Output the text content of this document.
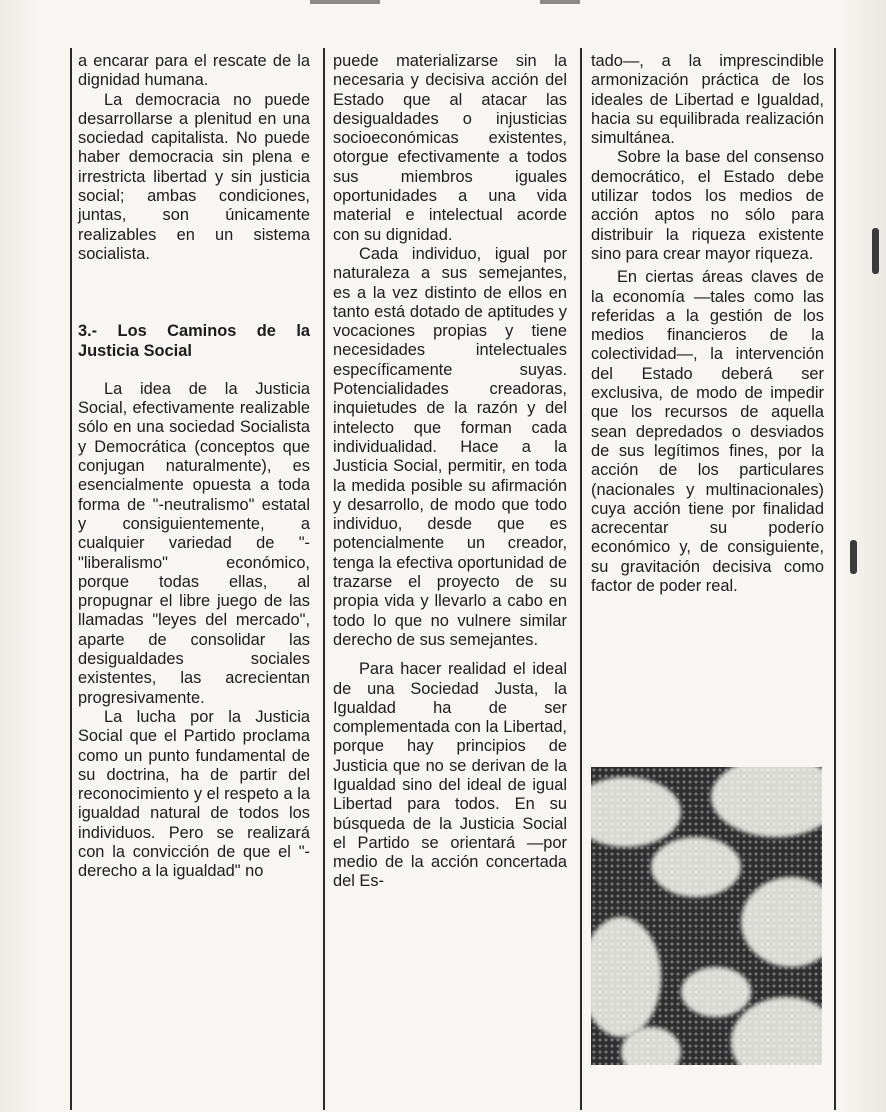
a encarar para el rescate de la dignidad humana.

La democracia no puede desarrollarse a plenitud en una sociedad capitalista. No puede haber democracia sin plena e irrestricta libertad y sin justicia social; ambas condiciones, juntas, son únicamente realizables en un sistema socialista.

3.- Los Caminos de la Justicia Social

La idea de la Justicia Social, efectivamente realizable sólo en una sociedad Socialista y Democrática (conceptos que conjugan naturalmente), es esencialmente opuesta a toda forma de "-neutralismo" estatal y consiguientemente, a cualquier variedad de "-"liberalismo" económico, porque todas ellas, al propugnar el libre juego de las llamadas "leyes del mercado", aparte de consolidar las desigualdades sociales existentes, las acrecientan progresivamente.

La lucha por la Justicia Social que el Partido proclama como un punto fundamental de su doctrina, ha de partir del reconocimiento y el respeto a la igualdad natural de todos los individuos. Pero se realizará con la convicción de que el "-derecho a la igualdad" no

puede materializarse sin la necesaria y decisiva acción del Estado que al atacar las desigualdades o injusticias socioeconómicas existentes, otorgue efectivamente a todos sus miembros iguales oportunidades a una vida material e intelectual acorde con su dignidad.

Cada individuo, igual por naturaleza a sus semejantes, es a la vez distinto de ellos en tanto está dotado de aptitudes y vocaciones propias y tiene necesidades intelectuales específicamente suyas. Potencialidades creadoras, inquietudes de la razón y del intelecto que forman cada individualidad. Hace a la Justicia Social, permitir, en toda la medida posible su afirmación y desarrollo, de modo que todo individuo, desde que es potencialmente un creador, tenga la efectiva oportunidad de trazarse el proyecto de su propia vida y llevarlo a cabo en todo lo que no vulnere similar derecho de sus semejantes.

Para hacer realidad el ideal de una Sociedad Justa, la Igualdad ha de ser complementada con la Libertad, porque hay principios de Justicia que no se derivan de la Igualdad sino del ideal de igual Libertad para todos. En su búsqueda de la Justicia Social el Partido se orientará —por medio de la acción concertada del Es-

tado—, a la imprescindible armonización práctica de los ideales de Libertad e Igualdad, hacia su equilibrada realización simultánea.

Sobre la base del consenso democrático, el Estado debe utilizar todos los medios de acción aptos no sólo para distribuir la riqueza existente sino para crear mayor riqueza.

En ciertas áreas claves de la economía —tales como las referidas a la gestión de los medios financieros de la colectividad—, la intervención del Estado deberá ser exclusiva, de modo de impedir que los recursos de aquella sean depredados o desviados de sus legítimos fines, por la acción de los particulares (nacionales y multinacionales) cuya acción tiene por finalidad acrecentar su poderío económico y, de consiguiente, su gravitación decisiva como factor de poder real.
